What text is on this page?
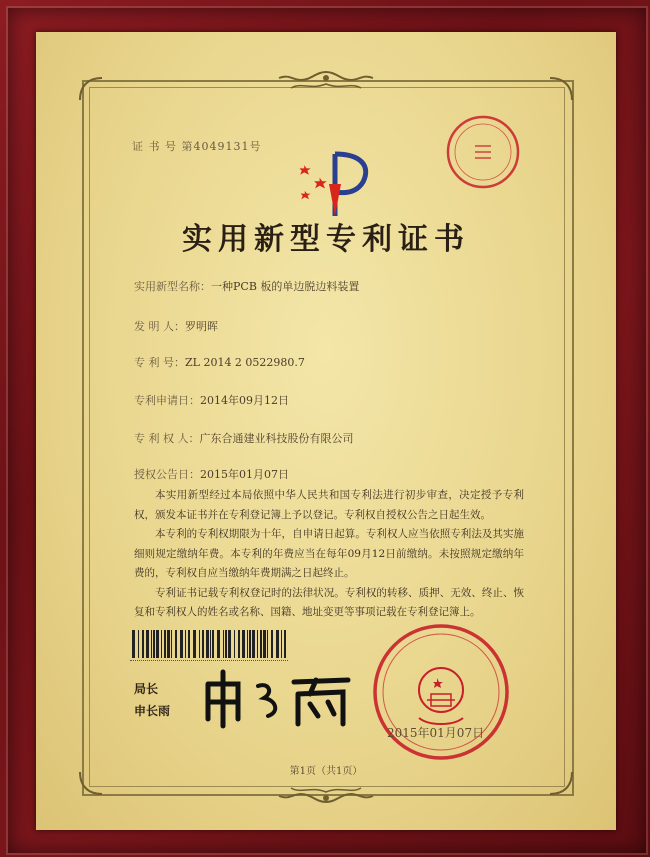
证 书 号 第4049131号
实用新型专利证书
实用新型名称：一种PCB 板的单边脱边料装置
发 明 人：罗明晖
专 利 号：ZL 2014 2 0522980.7
专利申请日：2014年09月12日
专 利 权 人：广东合通建业科技股份有限公司
授权公告日：2015年01月07日

本实用新型经过本局依照中华人民共和国专利法进行初步审查，决定授予专利权，颁发本证书并在专利登记簿上予以登记。专利权自授权公告之日起生效。

本专利的专利权期限为十年，自申请日起算。专利权人应当依照专利法及其实施细则规定缴纳年费。本专利的年费应当在每年09月12日前缴纳。未按照规定缴纳年费的，专利权自应当缴纳年费期满之日起终止。

专利证书记载专利权登记时的法律状况。专利权的转移、质押、无效、终止、恢复和专利权人的姓名或名称、国籍、地址变更等事项记载在专利登记簿上。

局长
申长雨
2015年01月07日
第1页（共1页）
